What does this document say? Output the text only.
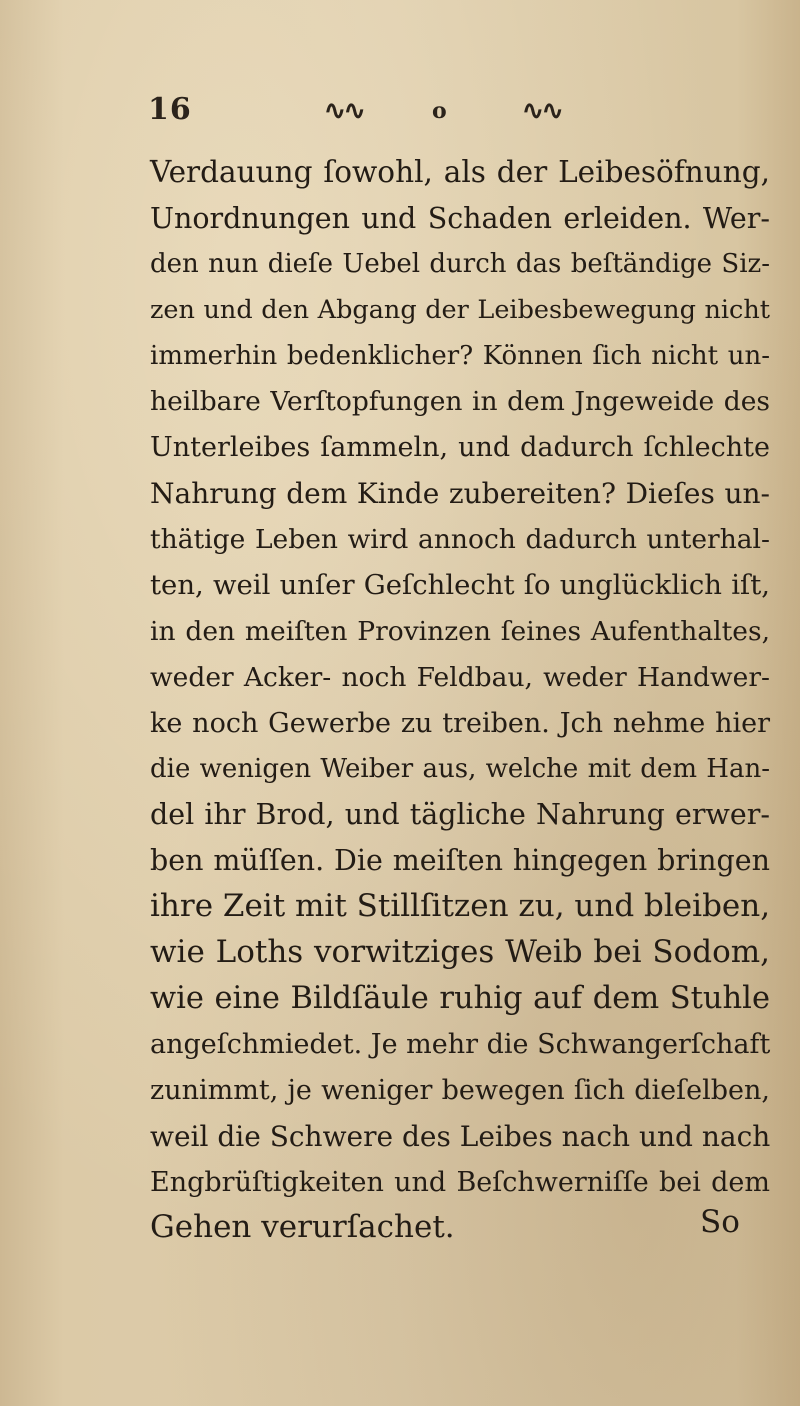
16	∿∿	o	∿∿
Verdauung ſowohl, als der Leibesöfnung,
Unordnungen und Schaden erleiden. Wer-
den nun dieſe Uebel durch das beſtändige Siz-
zen und den Abgang der Leibesbewegung nicht
immerhin bedenklicher? Können ſich nicht un-
heilbare Verſtopfungen in dem Jngeweide des
Unterleibes ſammeln, und dadurch ſchlechte
Nahrung dem Kinde zubereiten? Dieſes un-
thätige Leben wird annoch dadurch unterhal-
ten, weil unſer Geſchlecht ſo unglücklich iſt,
in den meiſten Provinzen ſeines Aufenthaltes,
weder Acker- noch Feldbau, weder Handwer-
ke noch Gewerbe zu treiben. Jch nehme hier
die wenigen Weiber aus, welche mit dem Han-
del ihr Brod, und tägliche Nahrung erwer-
ben müſſen. Die meiſten hingegen bringen
ihre Zeit mit Stillſitzen zu, und bleiben,
wie Loths vorwitziges Weib bei Sodom,
wie eine Bildſäule ruhig auf dem Stuhle
angeſchmiedet. Je mehr die Schwangerſchaft
zunimmt, je weniger bewegen ſich dieſelben,
weil die Schwere des Leibes nach und nach
Engbrüſtigkeiten und Beſchwerniſſe bei dem
Gehen verurſachet.	So
